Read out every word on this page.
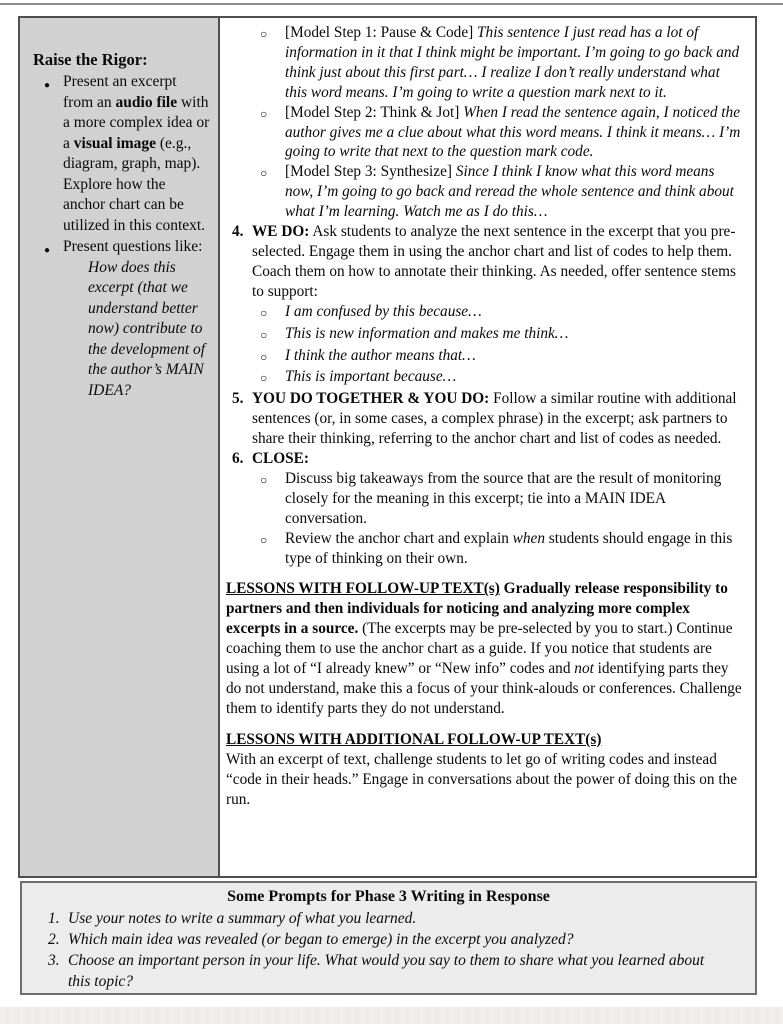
Raise the Rigor:
● Present an excerpt from an audio file with a more complex idea or a visual image (e.g., diagram, graph, map). Explore how the anchor chart can be utilized in this context.
● Present questions like:
How does this excerpt (that we understand better now) contribute to the development of the author’s MAIN IDEA?
○	[Model Step 1: Pause & Code] This sentence I just read has a lot of information in it that I think might be important. I’m going to go back and think just about this first part… I realize I don’t really understand what this word means. I’m going to write a question mark next to it.
○	[Model Step 2: Think & Jot] When I read the sentence again, I noticed the author gives me a clue about what this word means. I think it means… I’m going to write that next to the question mark code.
○	[Model Step 3: Synthesize] Since I think I know what this word means now, I’m going to go back and reread the whole sentence and think about what I’m learning. Watch me as I do this…
4. WE DO: Ask students to analyze the next sentence in the excerpt that you pre-selected. Engage them in using the anchor chart and list of codes to help them. Coach them on how to annotate their thinking. As needed, offer sentence stems to support:
○	I am confused by this because…
○	This is new information and makes me think…
○	I think the author means that…
○	This is important because…
5. YOU DO TOGETHER & YOU DO: Follow a similar routine with additional sentences (or, in some cases, a complex phrase) in the excerpt; ask partners to share their thinking, referring to the anchor chart and list of codes as needed.
6. CLOSE:
○	Discuss big takeaways from the source that are the result of monitoring closely for the meaning in this excerpt; tie into a MAIN IDEA conversation.
○	Review the anchor chart and explain when students should engage in this type of thinking on their own.
LESSONS WITH FOLLOW-UP TEXT(s) Gradually release responsibility to partners and then individuals for noticing and analyzing more complex excerpts in a source. (The excerpts may be pre-selected by you to start.) Continue coaching them to use the anchor chart as a guide. If you notice that students are using a lot of “I already knew” or “New info” codes and not identifying parts they do not understand, make this a focus of your think-alouds or conferences. Challenge them to identify parts they do not understand.
LESSONS WITH ADDITIONAL FOLLOW-UP TEXT(s)
With an excerpt of text, challenge students to let go of writing codes and instead “code in their heads.” Engage in conversations about the power of doing this on the run.
Some Prompts for Phase 3 Writing in Response
1. Use your notes to write a summary of what you learned.
2. Which main idea was revealed (or began to emerge) in the excerpt you analyzed?
3. Choose an important person in your life. What would you say to them to share what you learned about this topic?
